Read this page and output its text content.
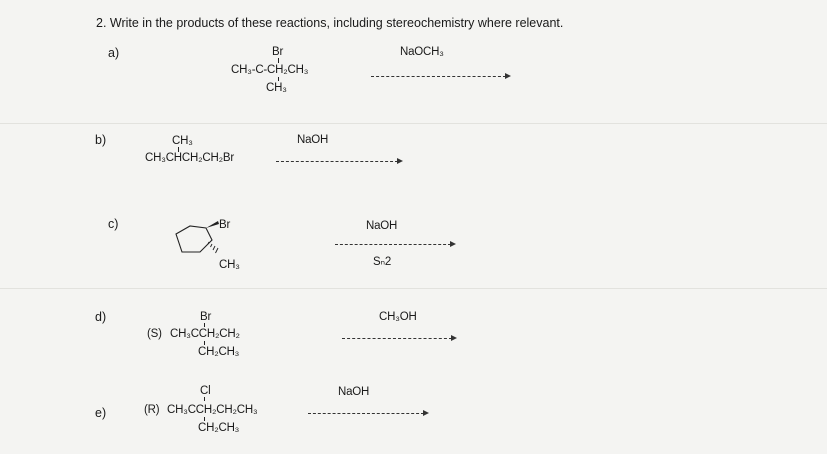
2. Write in the products of these reactions, including stereochemistry where relevant.
a)	Br
CH₃-C-CH₂CH₃
CH₃
NaOCH₃
b)	CH₃
CH₃CHCH₂CH₂Br
NaOH
c)	Br
CH₃
NaOH
Sₙ2
d)	Br
(S) CH₃CCH₂CH₂
CH₂CH₃
CH₃OH
e)
Cl
(R) CH₃CCH₂CH₂CH₃
CH₂CH₃
NaOH
